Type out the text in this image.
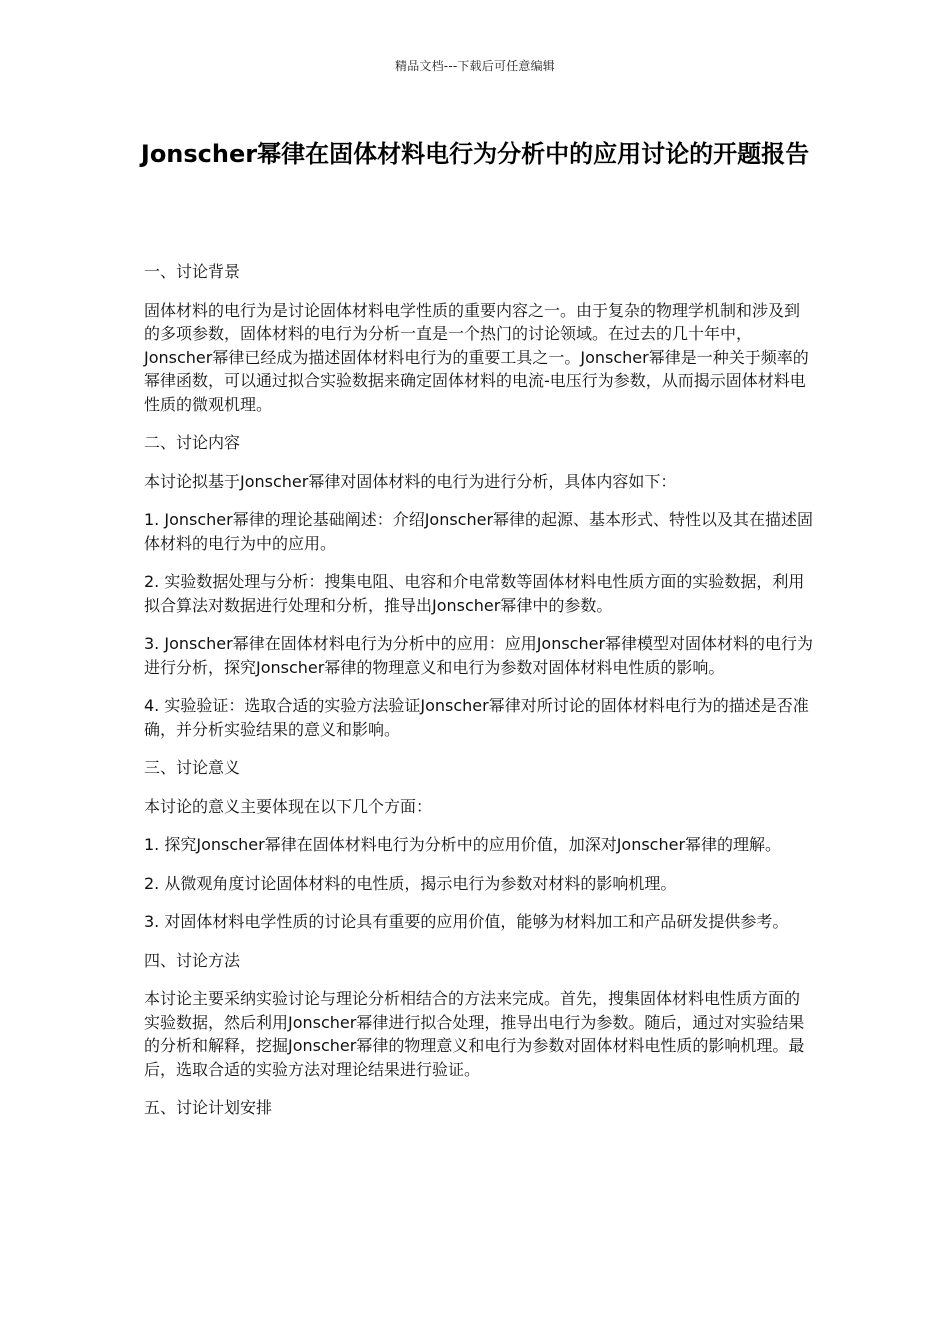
精品文档---下载后可任意编辑
Jonscher幂律在固体材料电行为分析中的应用讨论的开题报告

一、讨论背景

固体材料的电行为是讨论固体材料电学性质的重要内容之一。由于复杂的物理学机制和涉及到的多项参数，固体材料的电行为分析一直是一个热门的讨论领域。在过去的几十年中，Jonscher幂律已经成为描述固体材料电行为的重要工具之一。Jonscher幂律是一种关于频率的幂律函数，可以通过拟合实验数据来确定固体材料的电流-电压行为参数，从而揭示固体材料电性质的微观机理。

二、讨论内容

本讨论拟基于Jonscher幂律对固体材料的电行为进行分析，具体内容如下：

1. Jonscher幂律的理论基础阐述：介绍Jonscher幂律的起源、基本形式、特性以及其在描述固体材料的电行为中的应用。

2. 实验数据处理与分析：搜集电阻、电容和介电常数等固体材料电性质方面的实验数据，利用拟合算法对数据进行处理和分析，推导出Jonscher幂律中的参数。

3. Jonscher幂律在固体材料电行为分析中的应用：应用Jonscher幂律模型对固体材料的电行为进行分析，探究Jonscher幂律的物理意义和电行为参数对固体材料电性质的影响。

4. 实验验证：选取合适的实验方法验证Jonscher幂律对所讨论的固体材料电行为的描述是否准确，并分析实验结果的意义和影响。

三、讨论意义

本讨论的意义主要体现在以下几个方面：

1. 探究Jonscher幂律在固体材料电行为分析中的应用价值，加深对Jonscher幂律的理解。

2. 从微观角度讨论固体材料的电性质，揭示电行为参数对材料的影响机理。

3. 对固体材料电学性质的讨论具有重要的应用价值，能够为材料加工和产品研发提供参考。

四、讨论方法

本讨论主要采纳实验讨论与理论分析相结合的方法来完成。首先，搜集固体材料电性质方面的实验数据，然后利用Jonscher幂律进行拟合处理，推导出电行为参数。随后，通过对实验结果的分析和解释，挖掘Jonscher幂律的物理意义和电行为参数对固体材料电性质的影响机理。最后，选取合适的实验方法对理论结果进行验证。

五、讨论计划安排
